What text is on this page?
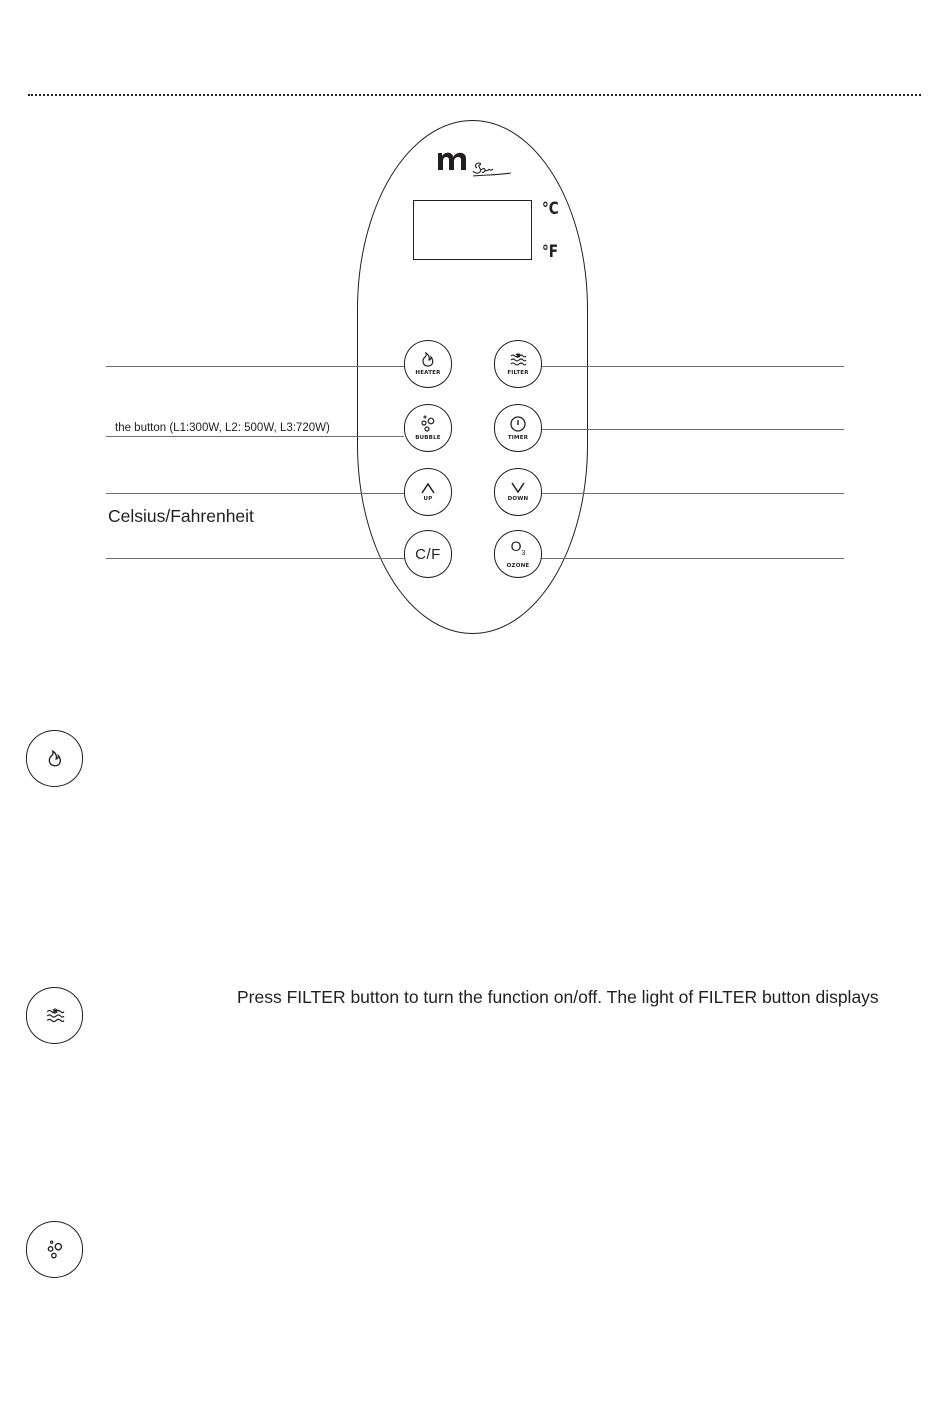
°C
°F
HEATER
BUBBLE
UP
C/F
FILTER
TIMER
DOWN
$O_3$
OZONE
the button (L1:300W, L2: 500W, L3:720W)
Celsius/Fahrenheit
Press FILTER button to turn the function on/off. The light of FILTER button displays
